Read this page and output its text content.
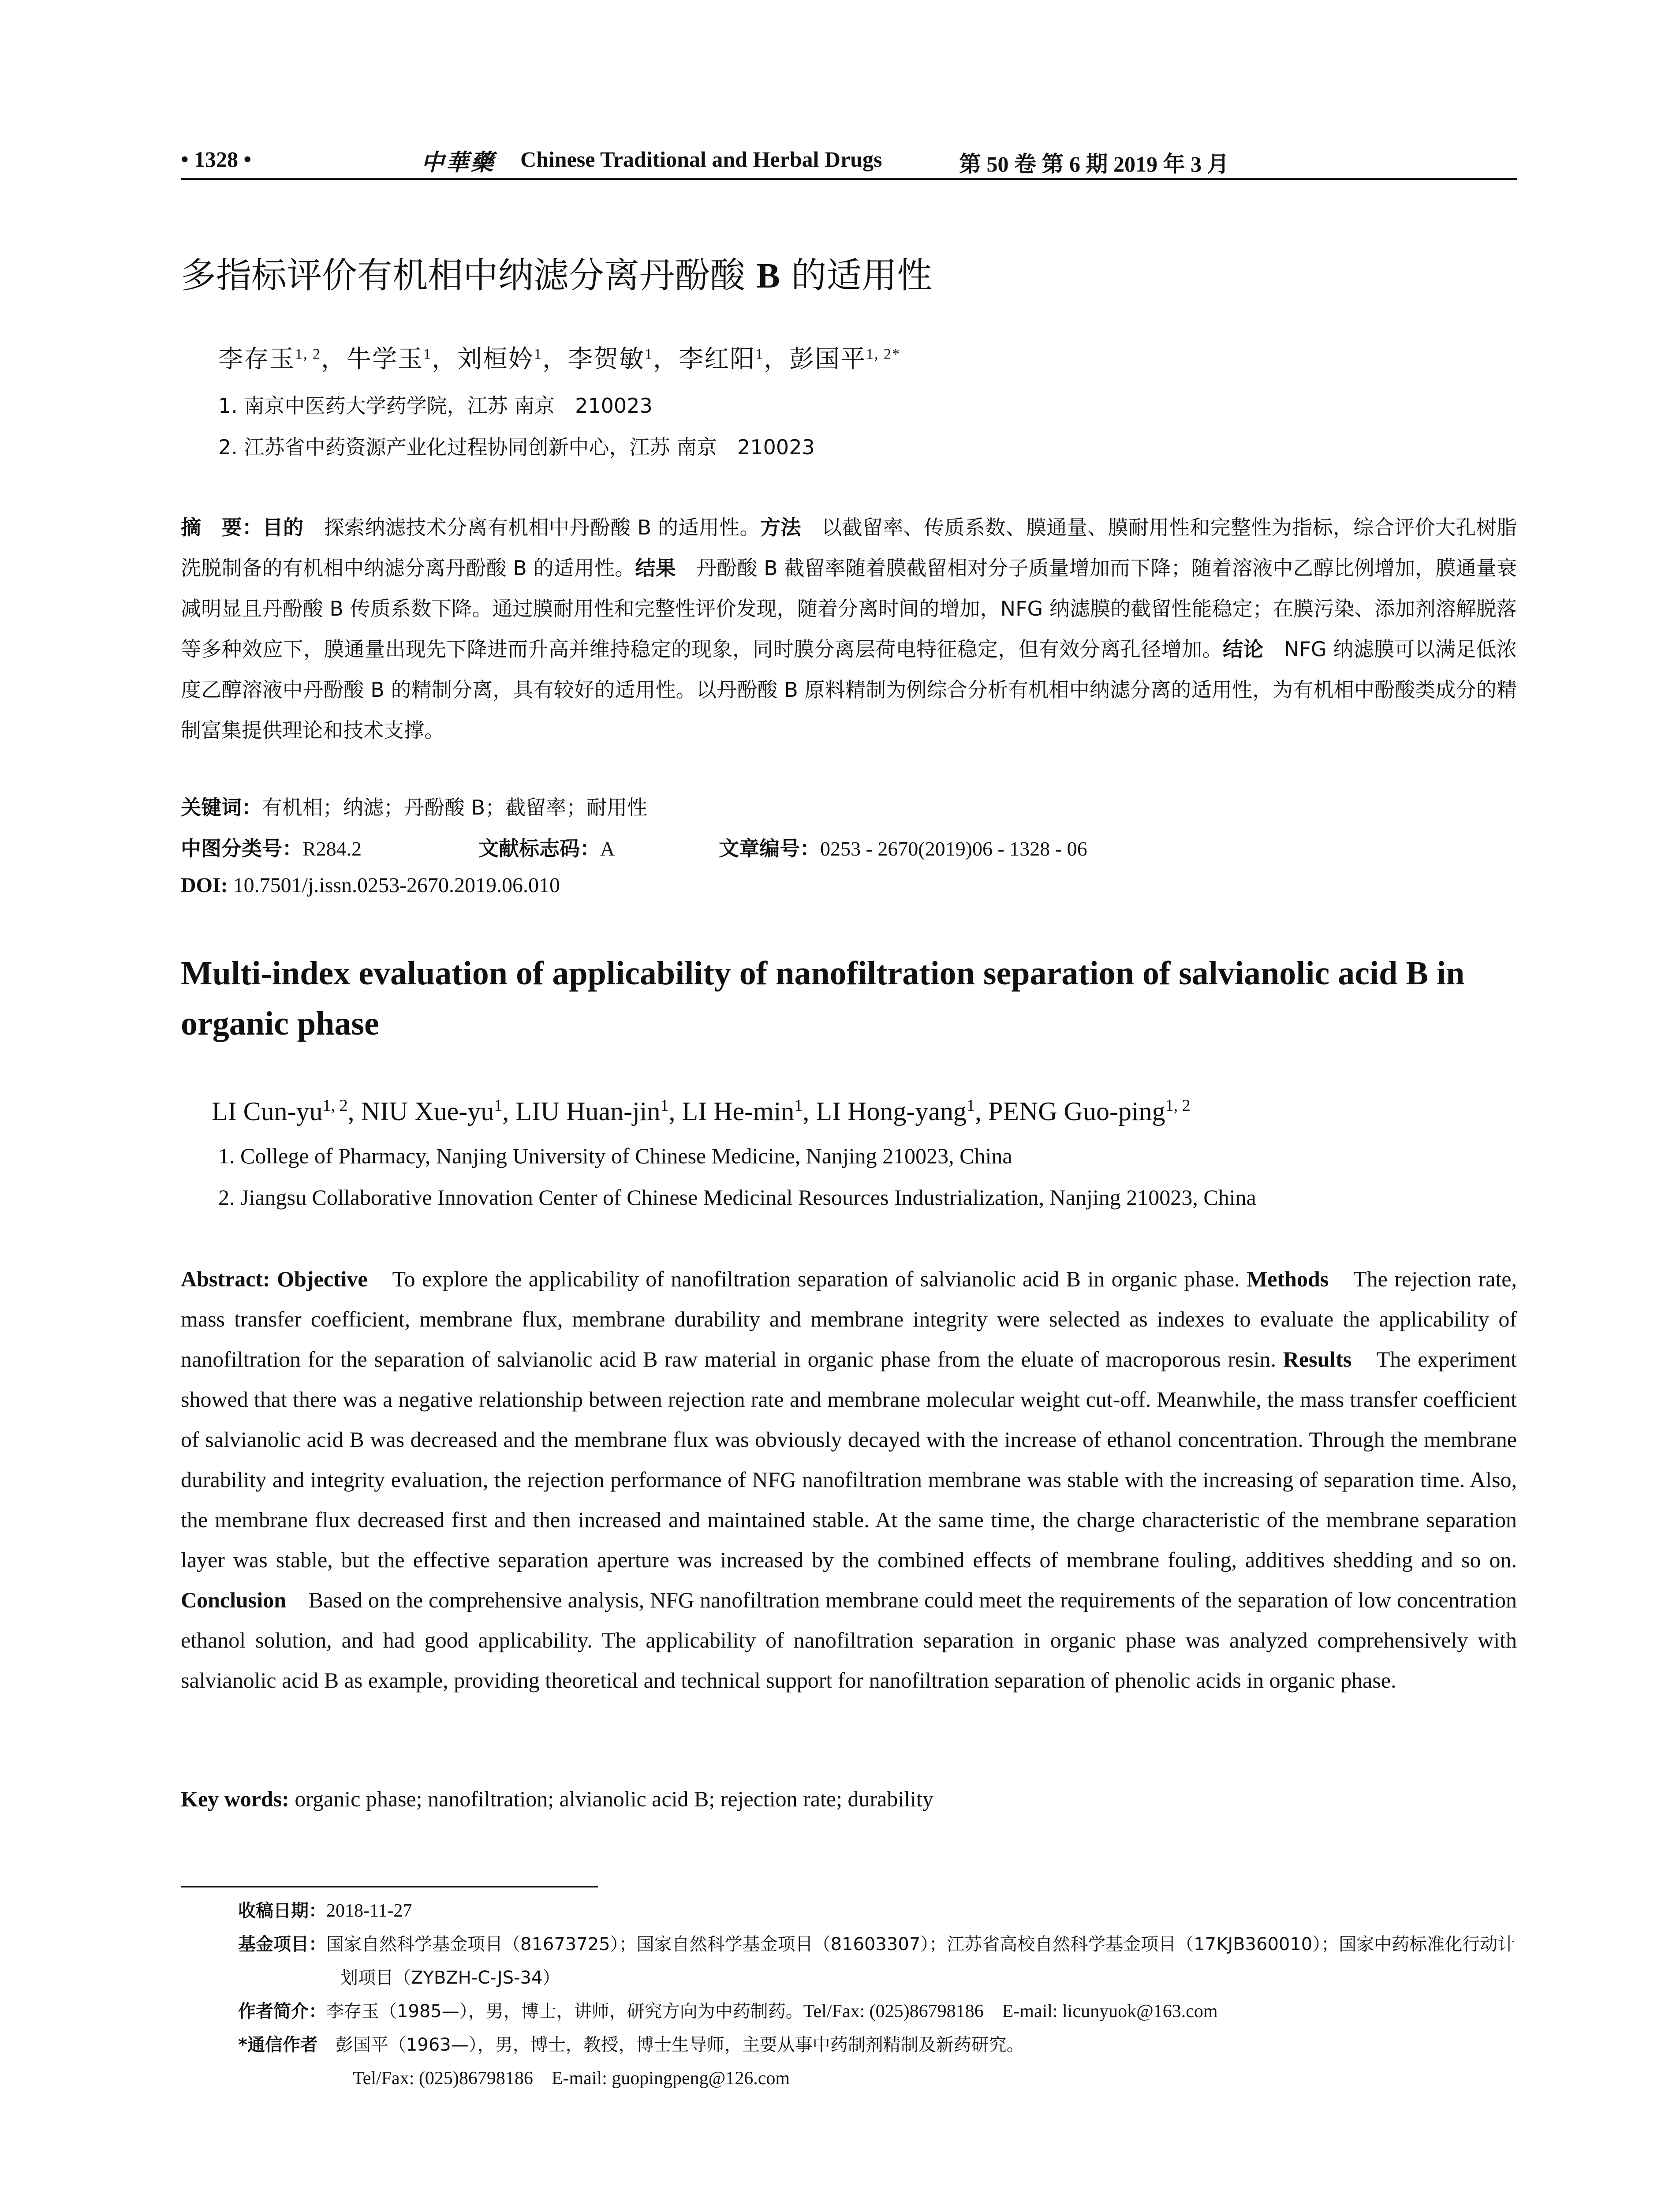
• 1328 •	中華藥 Chinese Traditional and Herbal Drugs	第 50 卷 第 6 期 2019 年 3 月
多指标评价有机相中纳滤分离丹酚酸 B 的适用性
李存玉$^{1, 2}$，牛学玉$^1$，刘桓妗$^1$，李贺敏$^1$，李红阳$^1$，彭国平$^{1, 2*}$
1. 南京中医药大学药学院，江苏 南京　210023
2. 江苏省中药资源产业化过程协同创新中心，江苏 南京　210023
摘　要：目的　探索纳滤技术分离有机相中丹酚酸 B 的适用性。方法　以截留率、传质系数、膜通量、膜耐用性和完整性为指标，综合评价大孔树脂洗脱制备的有机相中纳滤分离丹酚酸 B 的适用性。结果　丹酚酸 B 截留率随着膜截留相对分子质量增加而下降；随着溶液中乙醇比例增加，膜通量衰减明显且丹酚酸 B 传质系数下降。通过膜耐用性和完整性评价发现，随着分离时间的增加，NFG 纳滤膜的截留性能稳定；在膜污染、添加剂溶解脱落等多种效应下，膜通量出现先下降进而升高并维持稳定的现象，同时膜分离层荷电特征稳定，但有效分离孔径增加。结论　NFG 纳滤膜可以满足低浓度乙醇溶液中丹酚酸 B 的精制分离，具有较好的适用性。以丹酚酸 B 原料精制为例综合分析有机相中纳滤分离的适用性，为有机相中酚酸类成分的精制富集提供理论和技术支撑。
关键词：有机相；纳滤；丹酚酸 B；截留率；耐用性
中图分类号：R284.2	文献标志码：A	文章编号：0253 - 2670(2019)06 - 1328 - 06
DOI: 10.7501/j.issn.0253-2670.2019.06.010
Multi-index evaluation of applicability of nanofiltration separation of salvianolic acid B in organic phase
LI Cun-yu$^{1, 2}$, NIU Xue-$yu^1$, LIU Huan-jin$^1$, LI $He-\min^1$, LI Hong-yang$^1$, PENG Guo-ping$^{1, 2}$
1. College of Pharmacy, Nanjing University of Chinese Medicine, Nanjing 210023, China
2. Jiangsu Collaborative Innovation Center of Chinese Medicinal Resources Industrialization, Nanjing 210023, China
Abstract: Objective　To explore the applicability of nanofiltration separation of salvianolic acid B in organic phase. Methods　The rejection rate, mass transfer coefficient, membrane flux, membrane durability and membrane integrity were selected as indexes to evaluate the applicability of nanofiltration for the separation of salvianolic acid B raw material in organic phase from the eluate of macroporous resin. Results　The experiment showed that there was a negative relationship between rejection rate and membrane molecular weight cut-off. Meanwhile, the mass transfer coefficient of salvianolic acid B was decreased and the membrane flux was obviously decayed with the increase of ethanol concentration. Through the membrane durability and integrity evaluation, the rejection performance of NFG nanofiltration membrane was stable with the increasing of separation time. Also, the membrane flux decreased first and then increased and maintained stable. At the same time, the charge characteristic of the membrane separation layer was stable, but the effective separation aperture was increased by the combined effects of membrane fouling, additives shedding and so on. Conclusion　Based on the comprehensive analysis, NFG nanofiltration membrane could meet the requirements of the separation of low concentration ethanol solution, and had good applicability. The applicability of nanofiltration separation in organic phase was analyzed comprehensively with salvianolic acid B as example, providing theoretical and technical support for nanofiltration separation of phenolic acids in organic phase.
Key words: organic phase; nanofiltration; alvianolic acid B; rejection rate; durability
收稿日期：2018-11-27
基金项目：国家自然科学基金项目（81673725）；国家自然科学基金项目（81603307）；江苏省高校自然科学基金项目（17KJB360010）；国家中药标准化行动计划项目（ZYBZH-C-JS-34）
作者简介：李存玉（1985—），男，博士，讲师，研究方向为中药制药。Tel/Fax: (025)86798186　E-mail: licunyuok@163.com
*通信作者　彭国平（1963—），男，博士，教授，博士生导师，主要从事中药制剂精制及新药研究。
Tel/Fax: (025)86798186　E-mail: guopingpeng@126.com
